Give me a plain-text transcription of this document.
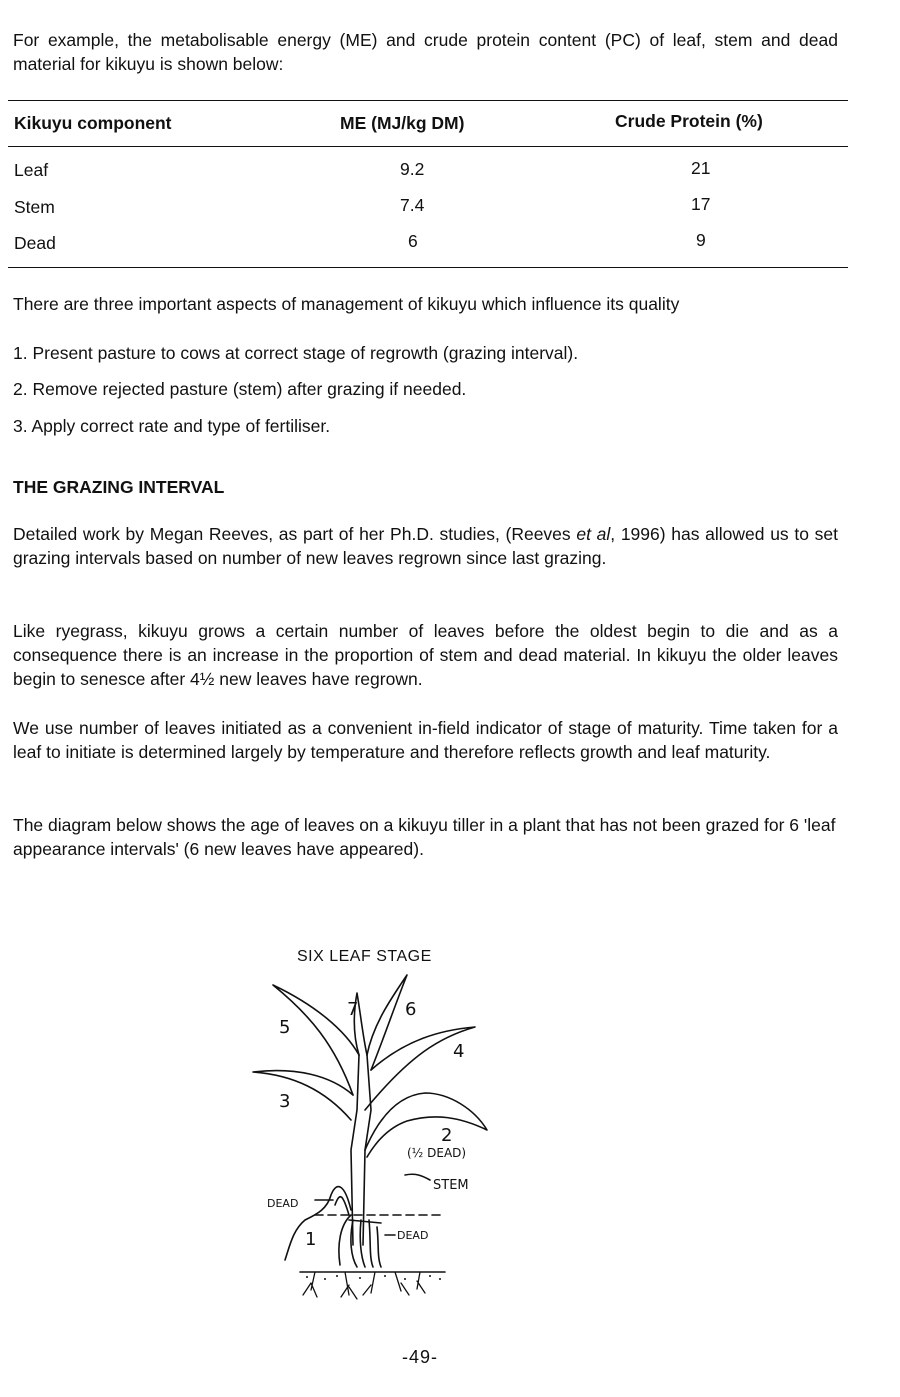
For example, the metabolisable energy (ME) and crude protein content (PC) of leaf, stem and dead material for kikuyu is shown below:

Kikuyu component	ME (MJ/kg DM)	Crude Protein (%)
Leaf	9.2	21
Stem	7.4	17
Dead	6	9
There are three important aspects of management of kikuyu which influence its quality
1. Present pasture to cows at correct stage of regrowth (grazing interval).
2. Remove rejected pasture (stem) after grazing if needed.
3. Apply correct rate and type of fertiliser.
THE GRAZING INTERVAL

Detailed work by Megan Reeves, as part of her Ph.D. studies, (Reeves et al, 1996) has allowed us to set grazing intervals based on number of new leaves regrown since last grazing.

Like ryegrass, kikuyu grows a certain number of leaves before the oldest begin to die and as a consequence there is an increase in the proportion of stem and dead material. In kikuyu the older leaves begin to senesce after 4½ new leaves have regrown.

We use number of leaves initiated as a convenient in-field indicator of stage of maturity. Time taken for a leaf to initiate is determined largely by temperature and therefore reflects growth and leaf maturity.

The diagram below shows the age of leaves on a kikuyu tiller in a plant that has not been grazed for 6 'leaf appearance intervals' (6 new leaves have appeared).

SIX LEAF STAGE
7	6
5
4
3
2
(½ DEAD)
STEM
DEAD
DEAD
1
-49-
